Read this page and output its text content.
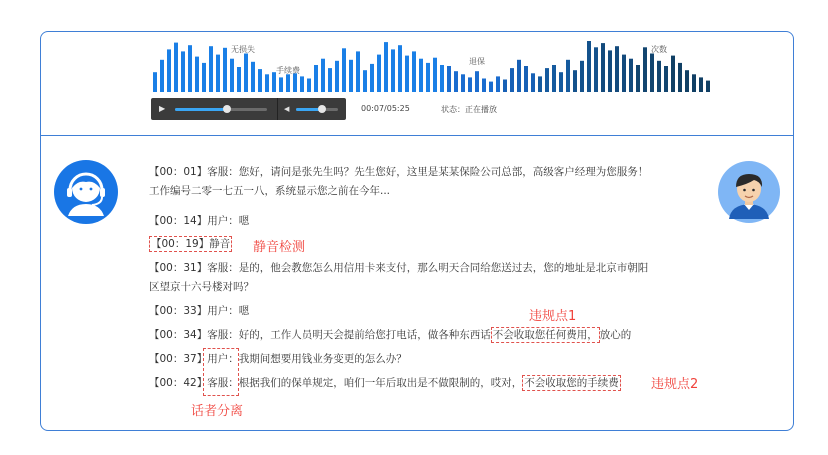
无损失
手续费
退保
次数
▶	◀	00:07/05:25	状态：正在播放
【00：01】客服：您好，请问是张先生吗？先生您好，这里是某某保险公司总部，高级客户经理为您服务！
工作编号二零一七五一八，系统显示您之前在今年...
【00：14】用户：嗯
【00：19】静音 静音检测
【00：31】客服：是的，他会教您怎么用信用卡来支付，那么明天合同给您送过去，您的地址是北京市朝阳
区望京十六号楼对吗？
【00：33】用户：嗯	违规点1
【00：34】客服：好的，工作人员明天会提前给您打电话，做各种东西话 不会收取您任何费用， 放心的
【00：37】用户：我期间想要用钱业务变更的怎么办？
【00：42】客服：根据我们的保单规定，咱们一年后取出是不做限制的，哎对， 不会收取您的手续费 违规点2
话者分离
